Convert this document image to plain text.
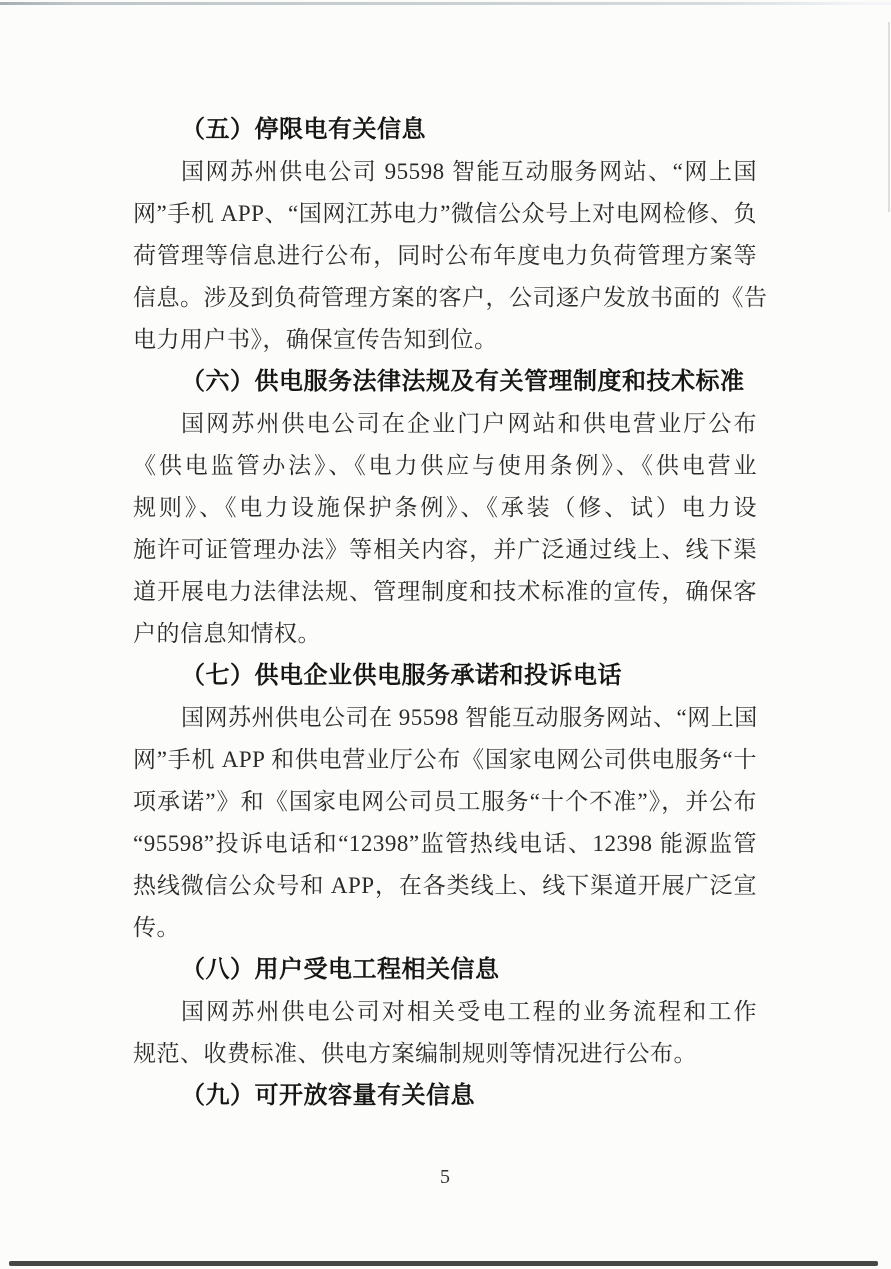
（五）停限电有关信息
国网苏州供电公司 95598 智能互动服务网站、“网上国
网”手机 APP、“国网江苏电力”微信公众号上对电网检修、负
荷管理等信息进行公布，同时公布年度电力负荷管理方案等
信息。涉及到负荷管理方案的客户，公司逐户发放书面的《告
电力用户书》，确保宣传告知到位。
（六）供电服务法律法规及有关管理制度和技术标准
国网苏州供电公司在企业门户网站和供电营业厅公布
《供电监管办法》、《电力供应与使用条例》、《供电营业
规则》、《电力设施保护条例》、《承装（修、试）电力设
施许可证管理办法》等相关内容，并广泛通过线上、线下渠
道开展电力法律法规、管理制度和技术标准的宣传，确保客
户的信息知情权。
（七）供电企业供电服务承诺和投诉电话
国网苏州供电公司在 95598 智能互动服务网站、“网上国
网”手机 APP 和供电营业厅公布《国家电网公司供电服务“十
项承诺”》和《国家电网公司员工服务“十个不准”》，并公布
“95598”投诉电话和“12398”监管热线电话、12398 能源监管
热线微信公众号和 APP，在各类线上、线下渠道开展广泛宣
传。
（八）用户受电工程相关信息
国网苏州供电公司对相关受电工程的业务流程和工作
规范、收费标准、供电方案编制规则等情况进行公布。
（九）可开放容量有关信息
5
